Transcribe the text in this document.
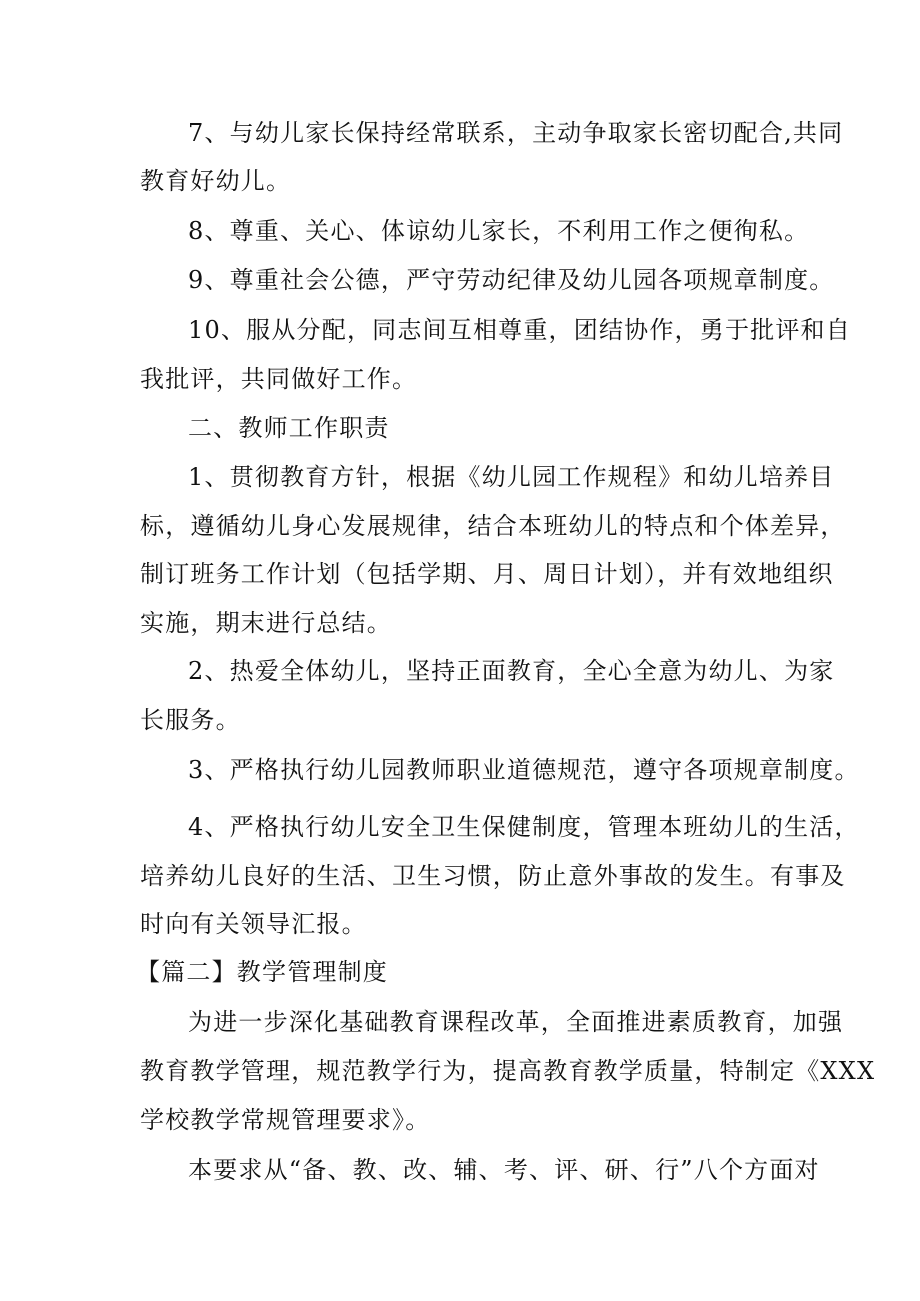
7、与幼儿家长保持经常联系，主动争取家长密切配合,共同
教育好幼儿。
8、尊重、关心、体谅幼儿家长，不利用工作之便徇私。
9、尊重社会公德，严守劳动纪律及幼儿园各项规章制度。
10、服从分配，同志间互相尊重，团结协作，勇于批评和自
我批评，共同做好工作。
二、教师工作职责
1、贯彻教育方针，根据《幼儿园工作规程》和幼儿培养目
标，遵循幼儿身心发展规律，结合本班幼儿的特点和个体差异，
制订班务工作计划（包括学期、月、周日计划），并有效地组织
实施，期末进行总结。
2、热爱全体幼儿，坚持正面教育，全心全意为幼儿、为家
长服务。
3、严格执行幼儿园教师职业道德规范，遵守各项规章制度。
4、严格执行幼儿安全卫生保健制度，管理本班幼儿的生活，
培养幼儿良好的生活、卫生习惯，防止意外事故的发生。有事及
时向有关领导汇报。
【篇二】教学管理制度
为进一步深化基础教育课程改革，全面推进素质教育，加强
教育教学管理，规范教学行为，提高教育教学质量，特制定《XXX
学校教学常规管理要求》。
本要求从“备、教、改、辅、考、评、研、行”八个方面对
